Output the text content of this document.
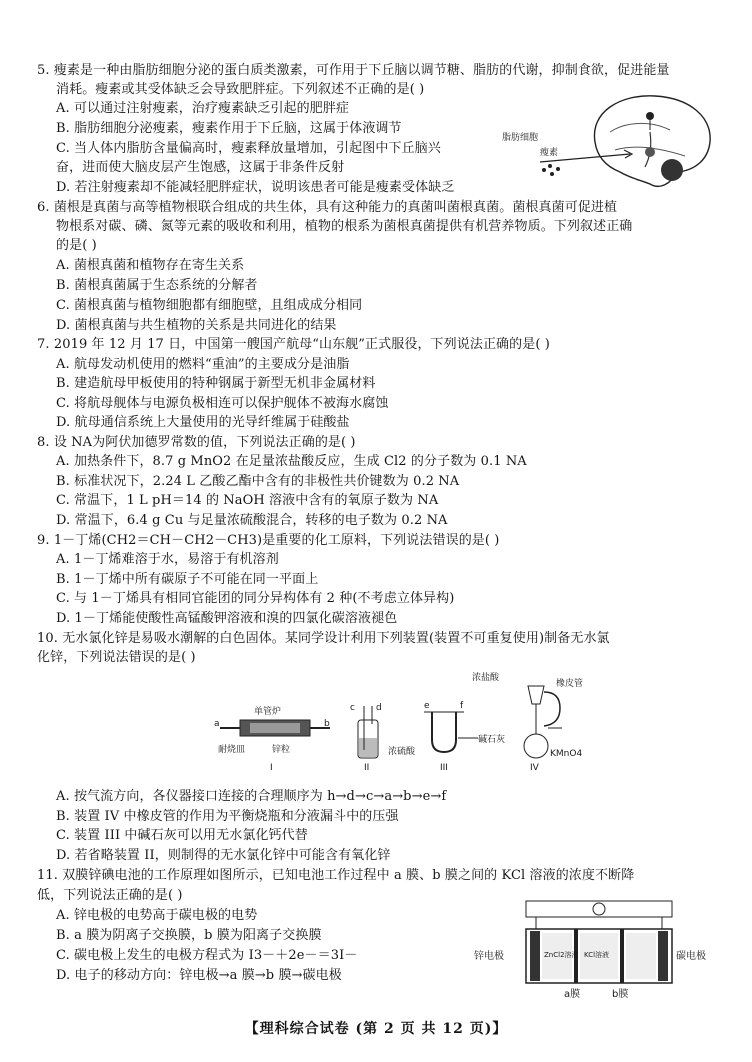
5. 瘦素是一种由脂肪细胞分泌的蛋白质类激素，可作用于下丘脑以调节糖、脂肪的代谢，抑制食欲，促进能量
消耗。瘦素或其受体缺乏会导致肥胖症。下列叙述不正确的是( )
A. 可以通过注射瘦素，治疗瘦素缺乏引起的肥胖症
B. 脂肪细胞分泌瘦素，瘦素作用于下丘脑，这属于体液调节
C. 当人体内脂肪含量偏高时，瘦素释放量增加，引起图中下丘脑兴
奋，进而使大脑皮层产生饱感，这属于非条件反射
D. 若注射瘦素却不能减轻肥胖症状，说明该患者可能是瘦素受体缺乏
脂肪细胞
瘦素
6. 菌根是真菌与高等植物根联合组成的共生体，具有这种能力的真菌叫菌根真菌。菌根真菌可促进植
物根系对碳、磷、氮等元素的吸收和利用，植物的根系为菌根真菌提供有机营养物质。下列叙述正确
的是( )
A. 菌根真菌和植物存在寄生关系
B. 菌根真菌属于生态系统的分解者
C. 菌根真菌与植物细胞都有细胞壁，且组成成分相同
D. 菌根真菌与共生植物的关系是共同进化的结果
7. 2019 年 12 月 17 日，中国第一艘国产航母“山东舰”正式服役，下列说法正确的是( )
A. 航母发动机使用的燃料“重油”的主要成分是油脂
B. 建造航母甲板使用的特种钢属于新型无机非金属材料
C. 将航母舰体与电源负极相连可以保护舰体不被海水腐蚀
D. 航母通信系统上大量使用的光导纤维属于硅酸盐
8. 设 NA为阿伏加德罗常数的值，下列说法正确的是( )
A. 加热条件下，8.7 g MnO2 在足量浓盐酸反应，生成 Cl2 的分子数为 0.1 NA
B. 标准状况下，2.24 L 乙酸乙酯中含有的非极性共价键数为 0.2 NA
C. 常温下，1 L pH＝14 的 NaOH 溶液中含有的氧原子数为 NA
D. 常温下，6.4 g Cu 与足量浓硫酸混合，转移的电子数为 0.2 NA
9. 1－丁烯(CH2＝CH－CH2－CH3)是重要的化工原料，下列说法错误的是( )
A. 1－丁烯难溶于水，易溶于有机溶剂
B. 1－丁烯中所有碳原子不可能在同一平面上
C. 与 1－丁烯具有相同官能团的同分异构体有 2 种(不考虑立体异构)
D. 1－丁烯能使酸性高锰酸钾溶液和溴的四氯化碳溶液褪色
10. 无水氯化锌是易吸水潮解的白色固体。某同学设计利用下列装置(装置不可重复使用)制备无水氯
化锌，下列说法错误的是( )
a	b
单管炉
耐烧皿	锌粒
I
c d
浓硫酸
II
e	f
碱石灰
III
浓盐酸
橡皮管
KMnO4
IV
A. 按气流方向，各仪器接口连接的合理顺序为 h→d→c→a→b→e→f
B. 装置 IV 中橡皮管的作用为平衡烧瓶和分液漏斗中的压强
C. 装置 III 中碱石灰可以用无水氯化钙代替
D. 若省略装置 II，则制得的无水氯化锌中可能含有氧化锌
11. 双膜锌碘电池的工作原理如图所示，已知电池工作过程中 a 膜、b 膜之间的 KCl 溶液的浓度不断降
低，下列说法正确的是( )
A. 锌电极的电势高于碳电极的电势
B. a 膜为阴离子交换膜，b 膜为阳离子交换膜
C. 碳电极上发生的电极方程式为 I3－＋2e－＝3I－
D. 电子的移动方向：锌电极→a 膜→b 膜→碳电极
ZnCl2溶液 KCl溶液
锌电极	碳电极
a膜	b膜
【理科综合试卷 (第 2 页 共 12 页)】
